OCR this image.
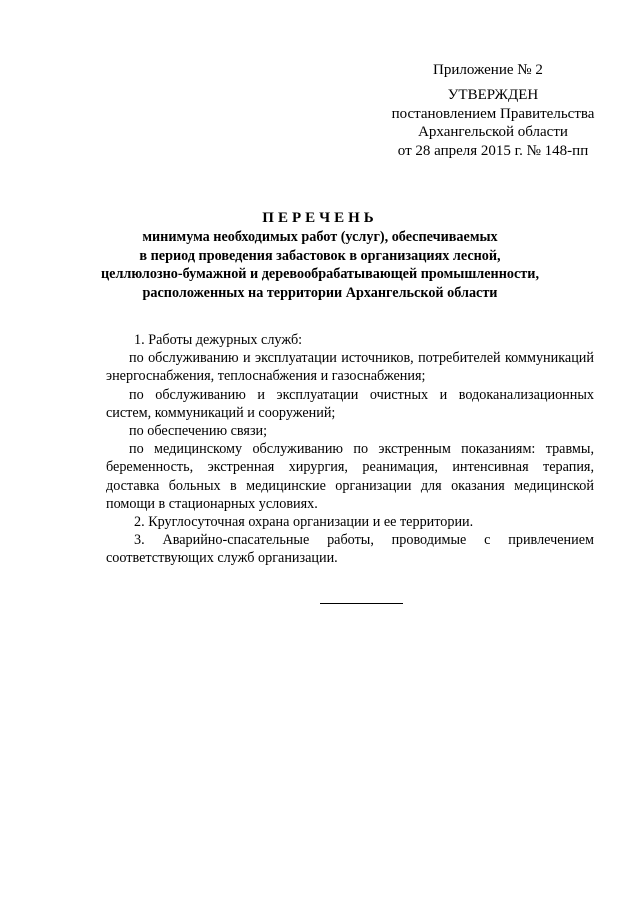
Приложение № 2
УТВЕРЖДЕН
постановлением Правительства
Архангельской области
от 28 апреля 2015 г. № 148-пп
ПЕРЕЧЕНЬ
минимума необходимых работ (услуг), обеспечиваемых
в период проведения забастовок в организациях лесной,
целлюлозно-бумажной и деревообрабатывающей промышленности,
расположенных на территории Архангельской области

1. Работы дежурных служб:

по обслуживанию и эксплуатации источников, потребителей коммуникаций энергоснабжения, теплоснабжения и газоснабжения;

по обслуживанию и эксплуатации очистных и водоканализационных систем, коммуникаций и сооружений;

по обеспечению связи;

по медицинскому обслуживанию по экстренным показаниям: травмы, беременность, экстренная хирургия, реанимация, интенсивная терапия, доставка больных в медицинские организации для оказания медицинской помощи в стационарных условиях.

2. Круглосуточная охрана организации и ее территории.

3. Аварийно-спасательные работы, проводимые с привлечением соответствующих служб организации.
